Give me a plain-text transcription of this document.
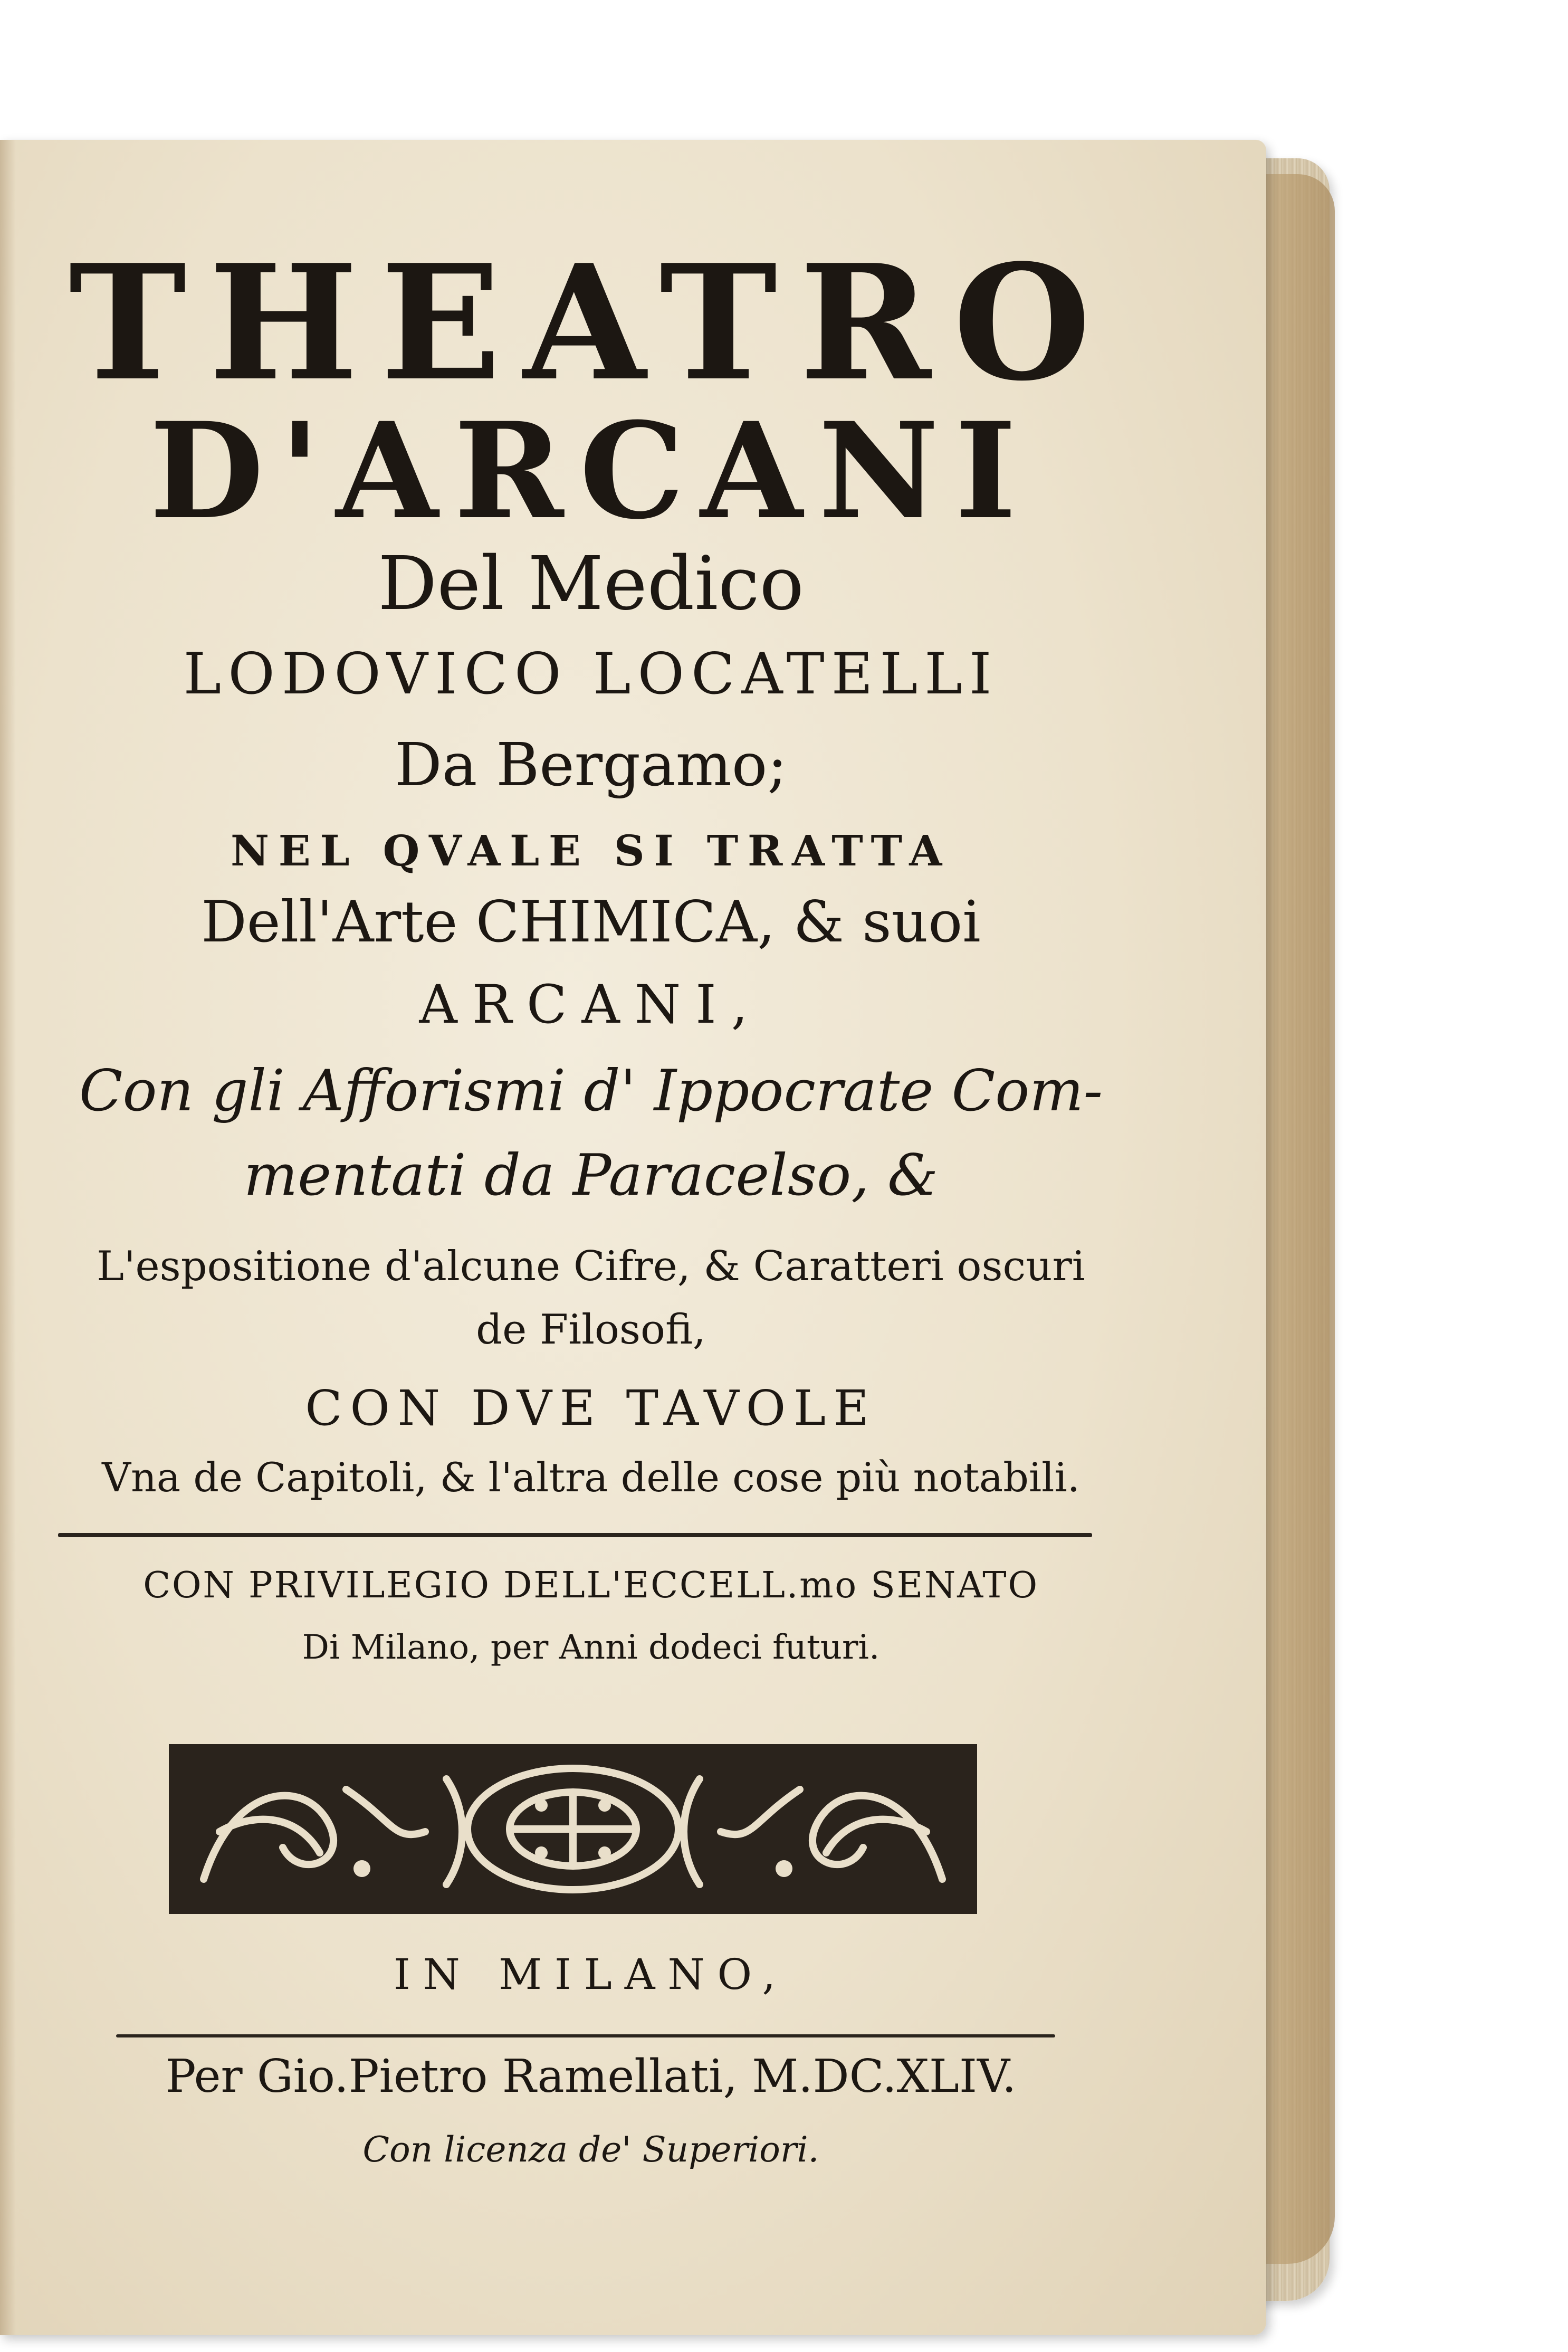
THEATRO
D'ARCANI
Del Medico
LODOVICO LOCATELLI
Da Bergamo;
NEL QVALE SI TRATTA
Dell'Arte CHIMICA, & suoi
ARCANI,
Con gli Afforismi d' Ippocrate Com-
mentati da Paracelso, &
L'espositione d'alcune Cifre, & Caratteri oscuri
de Filosofi,
CON DVE TAVOLE
Vna de Capitoli, & l'altra delle cose più notabili.
CON PRIVILEGIO DELL'ECCELL.mo SENATO
Di Milano, per Anni dodeci futuri.
IN MILANO,
Per Gio.Pietro Ramellati, M.DC.XLIV.
Con licenza de' Superiori.
